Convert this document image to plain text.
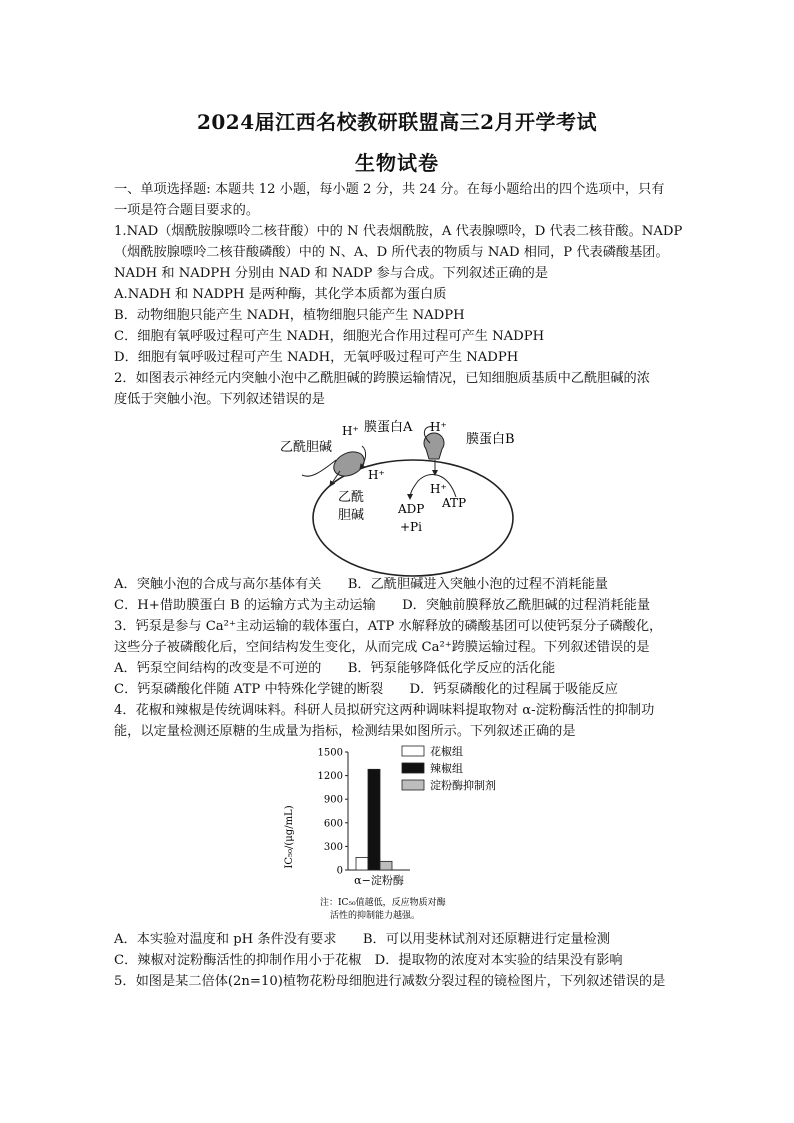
2024届江西名校教研联盟高三2月开学考试
生物试卷
一、单项选择题: 本题共 12 小题，每小题 2 分，共 24 分。在每小题给出的四个选项中，只有
一项是符合题目要求的。
1.NAD（烟酰胺腺嘌呤二核苷酸）中的 N 代表烟酰胺，A 代表腺嘌呤，D 代表二核苷酸。NADP
（烟酰胺腺嘌呤二核苷酸磷酸）中的 N、A、D 所代表的物质与 NAD 相同，P 代表磷酸基团。
NADH 和 NADPH 分别由 NAD 和 NADP 参与合成。下列叙述正确的是
A.NADH 和 NADPH 是两种酶，其化学本质都为蛋白质
B．动物细胞只能产生 NADH，植物细胞只能产生 NADPH
C．细胞有氧呼吸过程可产生 NADH，细胞光合作用过程可产生 NADPH
D．细胞有氧呼吸过程可产生 NADH，无氧呼吸过程可产生 NADPH
2．如图表示神经元内突触小泡中乙酰胆碱的跨膜运输情况，已知细胞质基质中乙酰胆碱的浓
度低于突触小泡。下列叙述错误的是
H⁺ 膜蛋白A
乙酰胆碱
H⁺
膜蛋白B
H⁺
H⁺
乙酰
胆碱	ADP
+Pi
ATP
A．突触小泡的合成与高尔基体有关　　B．乙酰胆碱进入突触小泡的过程不消耗能量
C．H+借助膜蛋白 B 的运输方式为主动运输　　D．突触前膜释放乙酰胆碱的过程消耗能量
3．钙泵是参与 Ca²⁺主动运输的载体蛋白，ATP 水解释放的磷酸基团可以使钙泵分子磷酸化，
这些分子被磷酸化后，空间结构发生变化，从而完成 Ca²⁺跨膜运输过程。下列叙述错误的是
A．钙泵空间结构的改变是不可逆的　　B．钙泵能够降低化学反应的活化能
C．钙泵磷酸化伴随 ATP 中特殊化学键的断裂　　D．钙泵磷酸化的过程属于吸能反应
4．花椒和辣椒是传统调味料。科研人员拟研究这两种调味料提取物对 α-淀粉酶活性的抑制功
能，以定量检测还原糖的生成量为指标，检测结果如图所示。下列叙述正确的是
0
300
600
900
1200
1500
α−淀粉酶
花椒组
辣椒组
淀粉酶抑制剂
IC₅₀/(μg/mL)
注：IC₅₀值越低，反应物质对酶
活性的抑制能力越强。
A．本实验对温度和 pH 条件没有要求　　B．可以用斐林试剂对还原糖进行定量检测
C．辣椒对淀粉酶活性的抑制作用小于花椒　D．提取物的浓度对本实验的结果没有影响
5．如图是某二倍体(2n=10)植物花粉母细胞进行减数分裂过程的镜检图片，下列叙述错误的是
